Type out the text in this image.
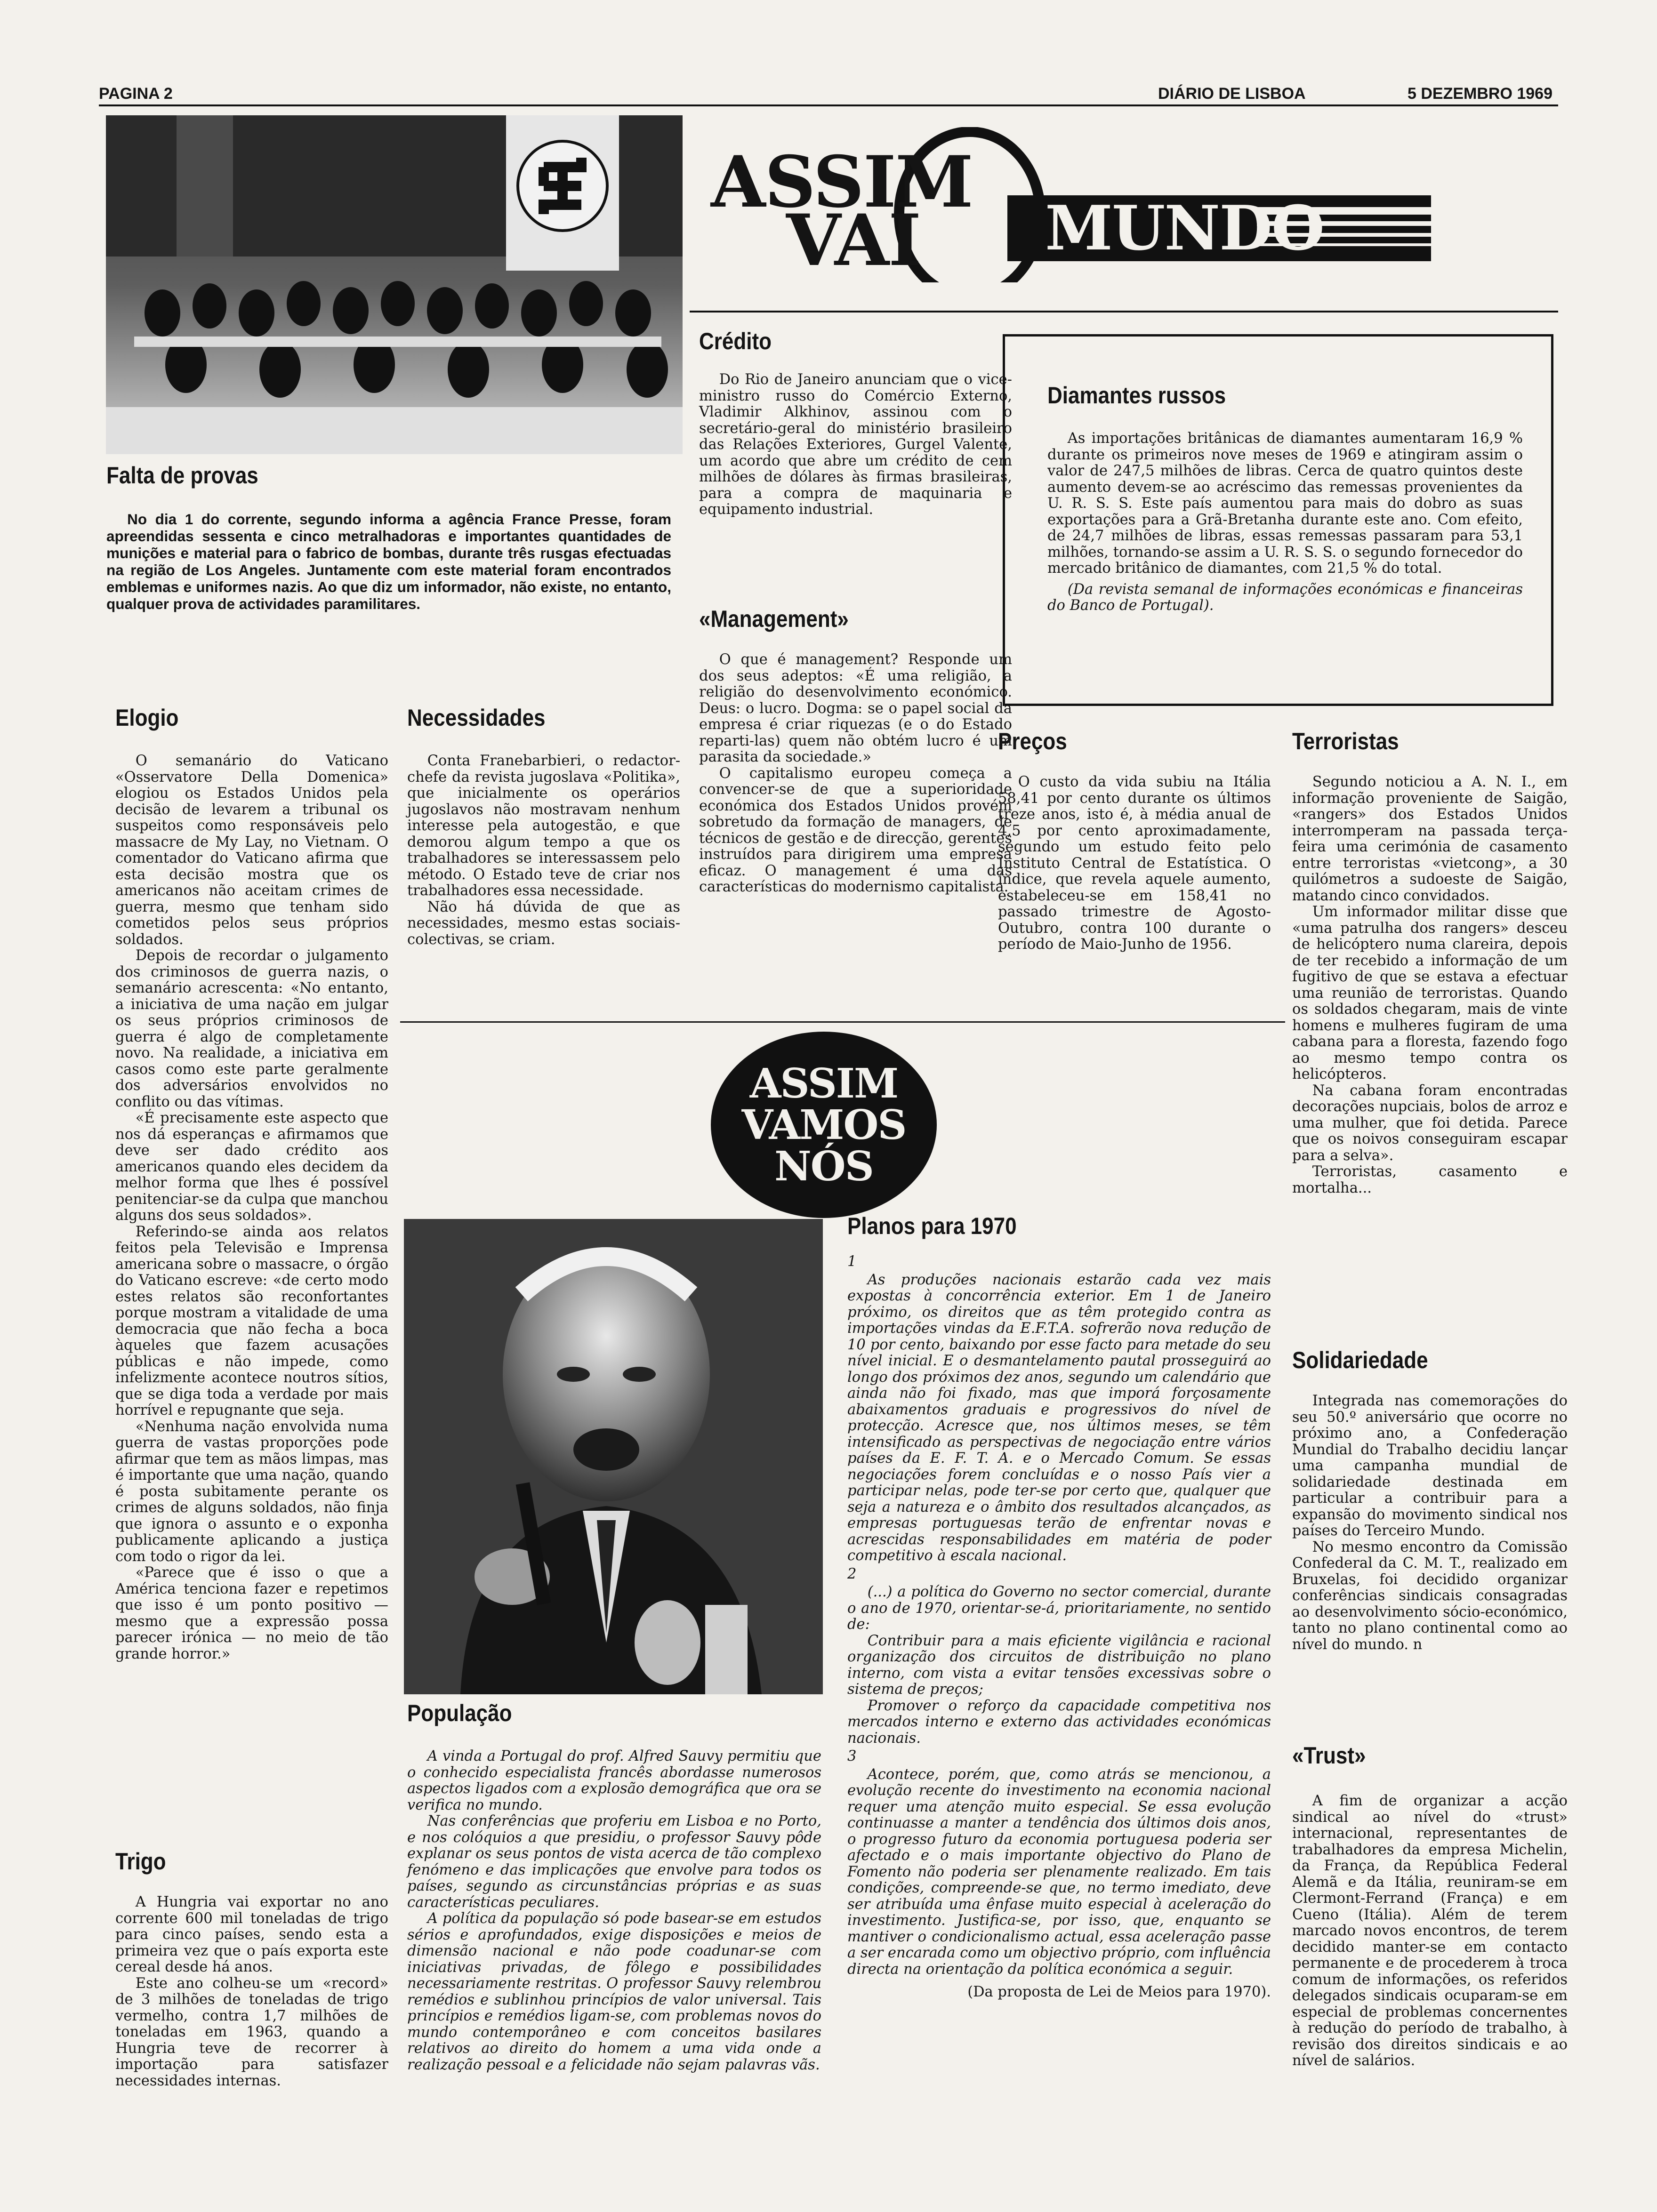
PAGINA 2	DIÁRIO DE LISBOA	5 DEZEMBRO 1969
ASSIM
VAI MUNDO
Falta de provas

No dia 1 do corrente, segundo informa a agência France Presse, foram apreendidas sessenta e cinco metralhadoras e importantes quantidades de munições e material para o fabrico de bombas, durante três rusgas efectuadas na região de Los Angeles. Juntamente com este material foram encontrados emblemas e uniformes nazis. Ao que diz um informador, não existe, no entanto, qualquer prova de actividades paramilitares.

Crédito

Do Rio de Janeiro anunciam que o vice-ministro russo do Comércio Externo, Vladimir Alkhinov, assinou com o secretário-geral do ministério brasileiro das Relações Exteriores, Gurgel Valente, um acordo que abre um crédito de cem milhões de dólares às firmas brasileiras, para a compra de maquinaria e equipamento industrial.

«Management»

O que é management? Responde um dos seus adeptos: «É uma religião, a religião do desenvolvimento económico. Deus: o lucro. Dogma: se o papel social da empresa é criar riquezas (e o do Estado reparti-las) quem não obtém lucro é um parasita da sociedade.»

O capitalismo europeu começa a convencer-se de que a superioridade económica dos Estados Unidos provém sobretudo da formação de managers, de técnicos de gestão e de direcção, gerentes instruídos para dirigirem uma empresa eficaz. O management é uma das características do modernismo capitalista.

Diamantes russos

As importações britânicas de diamantes aumentaram 16,9 % durante os primeiros nove meses de 1969 e atingiram assim o valor de 247,5 milhões de libras. Cerca de quatro quintos deste aumento devem-se ao acréscimo das remessas provenientes da U. R. S. S. Este país aumentou para mais do dobro as suas exportações para a Grã-Bretanha durante este ano. Com efeito, de 24,7 milhões de libras, essas remessas passaram para 53,1 milhões, tornando-se assim a U. R. S. S. o segundo fornecedor do mercado britânico de diamantes, com 21,5 % do total.

(Da revista semanal de informações económicas e financeiras do Banco de Portugal).

Elogio

O semanário do Vaticano «Osservatore Della Domenica» elogiou os Estados Unidos pela decisão de levarem a tribunal os suspeitos como responsáveis pelo massacre de My Lay, no Vietnam. O comentador do Vaticano afirma que esta decisão mostra que os americanos não aceitam crimes de guerra, mesmo que tenham sido cometidos pelos seus próprios soldados.

Depois de recordar o julgamento dos criminosos de guerra nazis, o semanário acrescenta: «No entanto, a iniciativa de uma nação em julgar os seus próprios criminosos de guerra é algo de completamente novo. Na realidade, a iniciativa em casos como este parte geralmente dos adversários envolvidos no conflito ou das vítimas.

«É precisamente este aspecto que nos dá esperanças e afirmamos que deve ser dado crédito aos americanos quando eles decidem da melhor forma que lhes é possível penitenciar-se da culpa que manchou alguns dos seus soldados».

Referindo-se ainda aos relatos feitos pela Televisão e Imprensa americana sobre o massacre, o órgão do Vaticano escreve: «de certo modo estes relatos são reconfortantes porque mostram a vitalidade de uma democracia que não fecha a boca àqueles que fazem acusações públicas e não impede, como infelizmente acontece noutros sítios, que se diga toda a verdade por mais horrível e repugnante que seja.

«Nenhuma nação envolvida numa guerra de vastas proporções pode afirmar que tem as mãos limpas, mas é importante que uma nação, quando é posta subitamente perante os crimes de alguns soldados, não finja que ignora o assunto e o exponha publicamente aplicando a justiça com todo o rigor da lei.

«Parece que é isso o que a América tenciona fazer e repetimos que isso é um ponto positivo — mesmo que a expressão possa parecer irónica — no meio de tão grande horror.»

Necessidades

Conta Franebarbieri, o redactor-chefe da revista jugoslava «Politika», que inicialmente os operários jugoslavos não mostravam nenhum interesse pela autogestão, e que demorou algum tempo a que os trabalhadores se interessassem pelo método. O Estado teve de criar nos trabalhadores essa necessidade.

Não há dúvida de que as necessidades, mesmo estas sociais-colectivas, se criam.

Preços

O custo da vida subiu na Itália 58,41 por cento durante os últimos treze anos, isto é, à média anual de 4,5 por cento aproximadamente, segundo um estudo feito pelo Instituto Central de Estatística. O índice, que revela aquele aumento, estabeleceu-se em 158,41 no passado trimestre de Agosto-Outubro, contra 100 durante o período de Maio-Junho de 1956.

Terroristas

Segundo noticiou a A. N. I., em informação proveniente de Saigão, «rangers» dos Estados Unidos interromperam na passada terça-feira uma cerimónia de casamento entre terroristas «vietcong», a 30 quilómetros a sudoeste de Saigão, matando cinco convidados.

Um informador militar disse que «uma patrulha dos rangers» desceu de helicóptero numa clareira, depois de ter recebido a informação de um fugitivo de que se estava a efectuar uma reunião de terroristas. Quando os soldados chegaram, mais de vinte homens e mulheres fugiram de uma cabana para a floresta, fazendo fogo ao mesmo tempo contra os helicópteros.

Na cabana foram encontradas decorações nupciais, bolos de arroz e uma mulher, que foi detida. Parece que os noivos conseguiram escapar para a selva».

Terroristas, casamento e mortalha...

ASSIM
VAMOS
NÓS
População

A vinda a Portugal do prof. Alfred Sauvy permitiu que o conhecido especialista francês abordasse numerosos aspectos ligados com a explosão demográfica que ora se verifica no mundo.

Nas conferências que proferiu em Lisboa e no Porto, e nos colóquios a que presidiu, o professor Sauvy pôde explanar os seus pontos de vista acerca de tão complexo fenómeno e das implicações que envolve para todos os países, segundo as circunstâncias próprias e as suas características peculiares.

A política da população só pode basear-se em estudos sérios e aprofundados, exige disposições e meios de dimensão nacional e não pode coadunar-se com iniciativas privadas, de fôlego e possibilidades necessariamente restritas. O professor Sauvy relembrou remédios e sublinhou princípios de valor universal. Tais princípios e remédios ligam-se, com problemas novos do mundo contemporâneo e com conceitos basilares relativos ao direito do homem a uma vida onde a realização pessoal e a felicidade não sejam palavras vãs.

Planos para 1970
1

As produções nacionais estarão cada vez mais expostas à concorrência exterior. Em 1 de Janeiro próximo, os direitos que as têm protegido contra as importações vindas da E.F.T.A. sofrerão nova redução de 10 por cento, baixando por esse facto para metade do seu nível inicial. E o desmantelamento pautal prosseguirá ao longo dos próximos dez anos, segundo um calendário que ainda não foi fixado, mas que imporá forçosamente abaixamentos graduais e progressivos do nível de protecção. Acresce que, nos últimos meses, se têm intensificado as perspectivas de negociação entre vários países da E. F. T. A. e o Mercado Comum. Se essas negociações forem concluídas e o nosso País vier a participar nelas, pode ter-se por certo que, qualquer que seja a natureza e o âmbito dos resultados alcançados, as empresas portuguesas terão de enfrentar novas e acrescidas responsabilidades em matéria de poder competitivo à escala nacional.

2

(...) a política do Governo no sector comercial, durante o ano de 1970, orientar-se-á, prioritariamente, no sentido de:

Contribuir para a mais eficiente vigilância e racional organização dos circuitos de distribuição no plano interno, com vista a evitar tensões excessivas sobre o sistema de preços;

Promover o reforço da capacidade competitiva nos mercados interno e externo das actividades económicas nacionais.

3

Acontece, porém, que, como atrás se mencionou, a evolução recente do investimento na economia nacional requer uma atenção muito especial. Se essa evolução continuasse a manter a tendência dos últimos dois anos, o progresso futuro da economia portuguesa poderia ser afectado e o mais importante objectivo do Plano de Fomento não poderia ser plenamente realizado. Em tais condições, compreende-se que, no termo imediato, deve ser atribuída uma ênfase muito especial à aceleração do investimento. Justifica-se, por isso, que, enquanto se mantiver o condicionalismo actual, essa aceleração passe a ser encarada como um objectivo próprio, com influência directa na orientação da política económica a seguir.

(Da proposta de Lei de Meios para 1970).
Solidariedade

Integrada nas comemorações do seu 50.º aniversário que ocorre no próximo ano, a Confederação Mundial do Trabalho decidiu lançar uma campanha mundial de solidariedade destinada em particular a contribuir para a expansão do movimento sindical nos países do Terceiro Mundo.

No mesmo encontro da Comissão Confederal da C. M. T., realizado em Bruxelas, foi decidido organizar conferências sindicais consagradas ao desenvolvimento sócio-económico, tanto no plano continental como ao nível do mundo. n

«Trust»

A fim de organizar a acção sindical ao nível do «trust» internacional, representantes de trabalhadores da empresa Michelin, da França, da República Federal Alemã e da Itália, reuniram-se em Clermont-Ferrand (França) e em Cueno (Itália). Além de terem marcado novos encontros, de terem decidido manter-se em contacto permanente e de procederem à troca comum de informações, os referidos delegados sindicais ocuparam-se em especial de problemas concernentes à redução do período de trabalho, à revisão dos direitos sindicais e ao nível de salários.

Trigo

A Hungria vai exportar no ano corrente 600 mil toneladas de trigo para cinco países, sendo esta a primeira vez que o país exporta este cereal desde há anos.

Este ano colheu-se um «record» de 3 milhões de toneladas de trigo vermelho, contra 1,7 milhões de toneladas em 1963, quando a Hungria teve de recorrer à importação para satisfazer necessidades internas.
